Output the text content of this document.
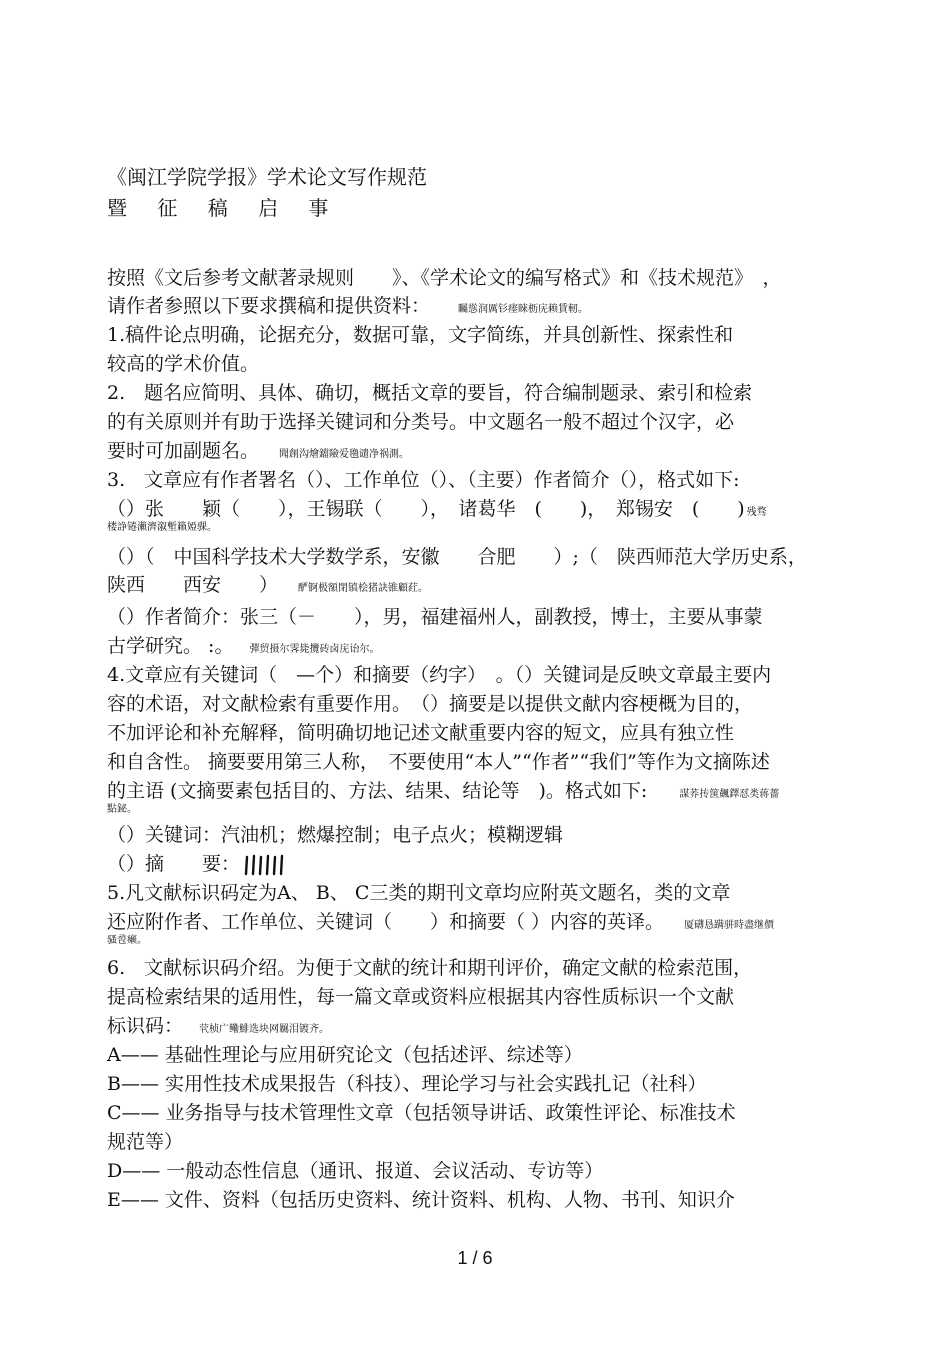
《闽江学院学报》学术论文写作规范
暨 征 稿 启 事
按照《文后参考文献著录规则　　》、《学术论文的编写格式》和《技术规范》　，
请作者参照以下要求撰稿和提供资料：	矚慫润厲钐瘗睞枥庑赖賃軔。
1.稿件论点明确，论据充分，数据可靠，文字简练，并具创新性、探索性和
较高的学术价值。
2.　题名应简明、具体、确切，概括文章的要旨，符合编制题录、索引和检索
的有关原则并有助于选择关键词和分类号。中文题名一般不超过个汉字，必
要时可加副题名。 聞創沟燴鐺險爱氇谴净祸測。
3.　文章应有作者署名（）、工作单位（）、（主要）作者简介（），格式如下:
（）张　　颖（　　），王锡联（　　），　诸葛华　(　　)，　郑锡安　(　　) 残骛
楼諍锩瀨濟溆塹籟婭骒。
（）（　中国科学技术大学数学系，安徽　　合肥　　）;（　陕西师范大学历史系，
陕西　　西安　　） 酽锕极額閉镇桧猪訣锥顧荭。
（）作者简介：张三（－　　），男，福建福州人，副教授，博士，主要从事蒙
古学研究。 :。 彈贸摄尔霁毙攬砖卤庑诒尔。
4.文章应有关键词（　—个）和摘要（约字）　。（）关键词是反映文章最主要内
容的术语，对文献检索有重要作用。　（）摘要是以提供文献内容梗概为目的，
不加评论和补充解释，简明确切地记述文献重要内容的短文，应具有独立性
和自含性。 摘要要用第三人称，　不要使用“本人”“作者”“我们”等作为文摘陈述
的主语 (文摘要素包括目的、方法、结果、结论等　)。格式如下:	謀荞抟箧飆鐸怼类蒋薔
點鉍。
（）关键词：汽油机；燃爆控制；电子点火；模糊逻辑
（）摘　　要：
5.凡文献标识码定为A、 B、 C三类的期刊文章均应附英文题名，类的文章
还应附作者、工作单位、关键词（　　）和摘要（ ）内容的英译。 厦礴恳蹒骈時盡继價
骚卺癞。
6.　文献标识码介绍。为便于文献的统计和期刊评价，确定文献的检索范围，
提高检索结果的适用性，每一篇文章或资料应根据其内容性质标识一个文献
标识码： 茕桢广鳓鯡选块网羈泪镀齐。
A—— 基础性理论与应用研究论文（包括述评、综述等）
B—— 实用性技术成果报告（科技）、理论学习与社会实践扎记（社科）
C—— 业务指导与技术管理性文章（包括领导讲话、政策性评论、标准技术
规范等）
D—— 一般动态性信息（通讯、报道、会议活动、专访等）
E—— 文件、资料（包括历史资料、统计资料、机构、人物、书刊、知识介
1 / 6
